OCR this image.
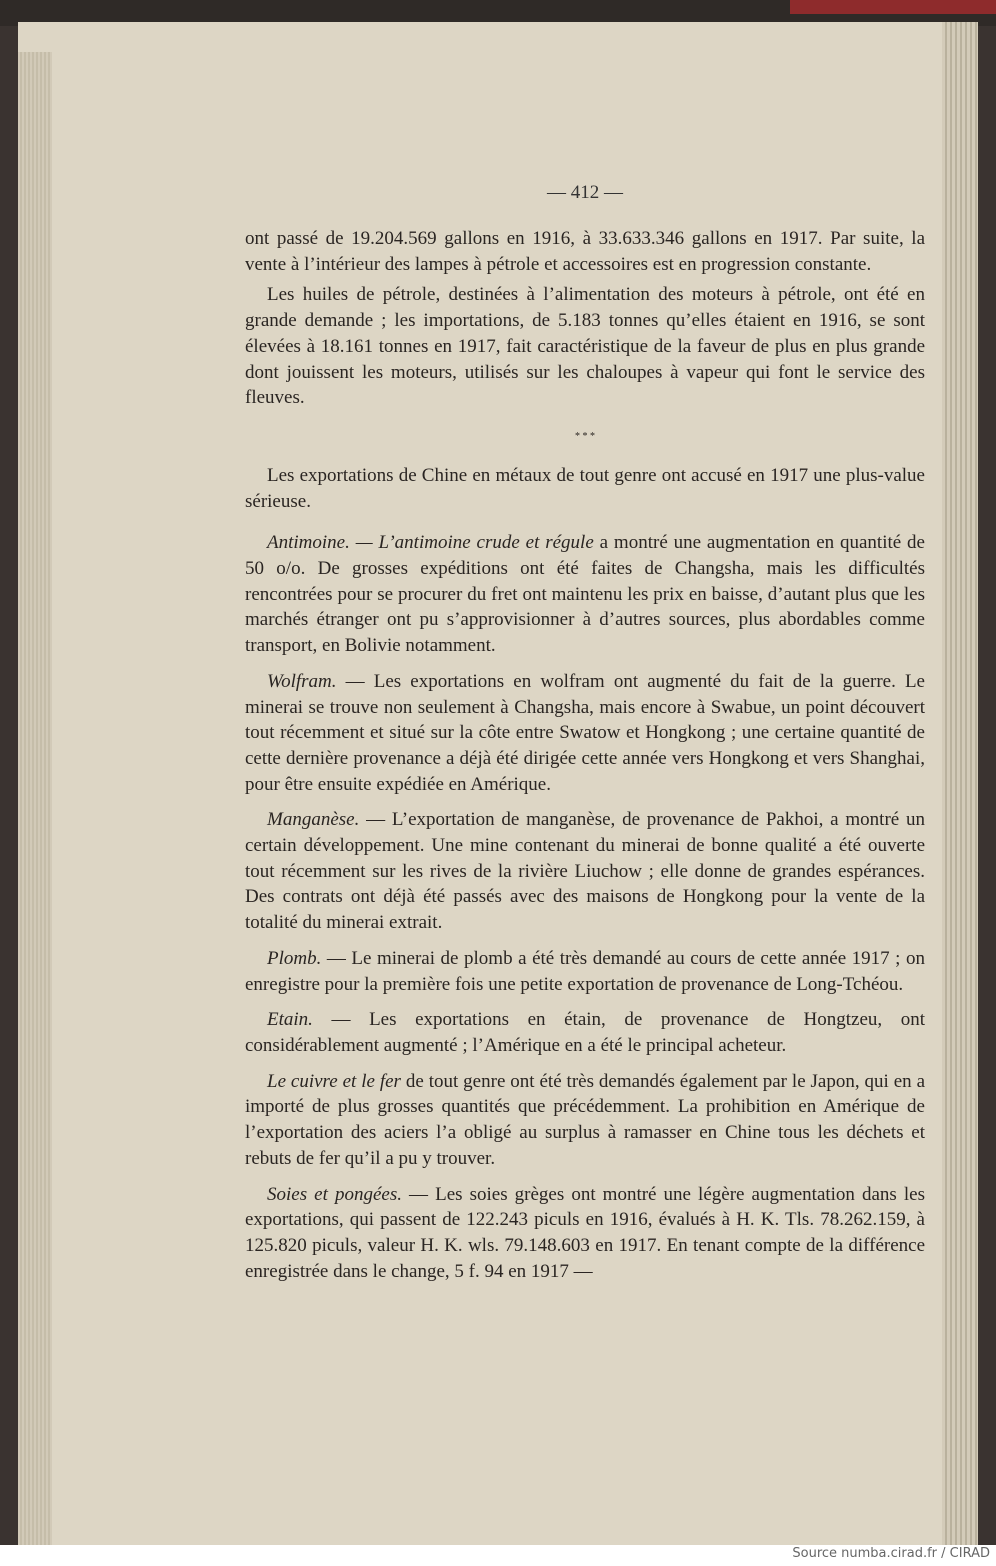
— 412 —

ont passé de 19.204.569 gallons en 1916, à 33.633.346 gallons en 1917. Par suite, la vente à l’intérieur des lampes à pétrole et accessoires est en progression constante.

Les huiles de pétrole, destinées à l’alimentation des moteurs à pétrole, ont été en grande demande ; les importations, de 5.183 tonnes qu’elles étaient en 1916, se sont élevées à 18.161 tonnes en 1917, fait caractéristique de la faveur de plus en plus grande dont jouissent les moteurs, utilisés sur les chaloupes à vapeur qui font le service des fleuves.

* * *

Les exportations de Chine en métaux de tout genre ont accusé en 1917 une plus-value sérieuse.

Antimoine. — L’antimoine crude et régule a montré une augmentation en quantité de 50 o/o. De grosses expéditions ont été faites de Changsha, mais les difficultés rencontrées pour se procurer du fret ont maintenu les prix en baisse, d’autant plus que les marchés étranger ont pu s’approvisionner à d’autres sources, plus abordables comme transport, en Bolivie notamment.

Wolfram. — Les exportations en wolfram ont augmenté du fait de la guerre. Le minerai se trouve non seulement à Changsha, mais encore à Swabue, un point découvert tout récemment et situé sur la côte entre Swatow et Hongkong ; une certaine quantité de cette dernière provenance a déjà été dirigée cette année vers Hongkong et vers Shanghai, pour être ensuite expédiée en Amérique.

Manganèse. — L’exportation de manganèse, de provenance de Pakhoi, a montré un certain développement. Une mine contenant du minerai de bonne qualité a été ouverte tout récemment sur les rives de la rivière Liuchow ; elle donne de grandes espérances. Des contrats ont déjà été passés avec des maisons de Hongkong pour la vente de la totalité du minerai extrait.

Plomb. — Le minerai de plomb a été très demandé au cours de cette année 1917 ; on enregistre pour la première fois une petite exportation de provenance de Long-Tchéou.

Etain. — Les exportations en étain, de provenance de Hongtzeu, ont considérablement augmenté ; l’Amérique en a été le principal acheteur.

Le cuivre et le fer de tout genre ont été très demandés également par le Japon, qui en a importé de plus grosses quantités que précédemment. La prohibition en Amérique de l’exportation des aciers l’a obligé au surplus à ramasser en Chine tous les déchets et rebuts de fer qu’il a pu y trouver.

Soies et pongées. — Les soies grèges ont montré une légère augmentation dans les exportations, qui passent de 122.243 piculs en 1916, évalués à H. K. Tls. 78.262.159, à 125.820 piculs, valeur H. K. wls. 79.148.603 en 1917. En tenant compte de la différence enregistrée dans le change, 5 f. 94 en 1917 —

Source numba.cirad.fr / CIRAD
